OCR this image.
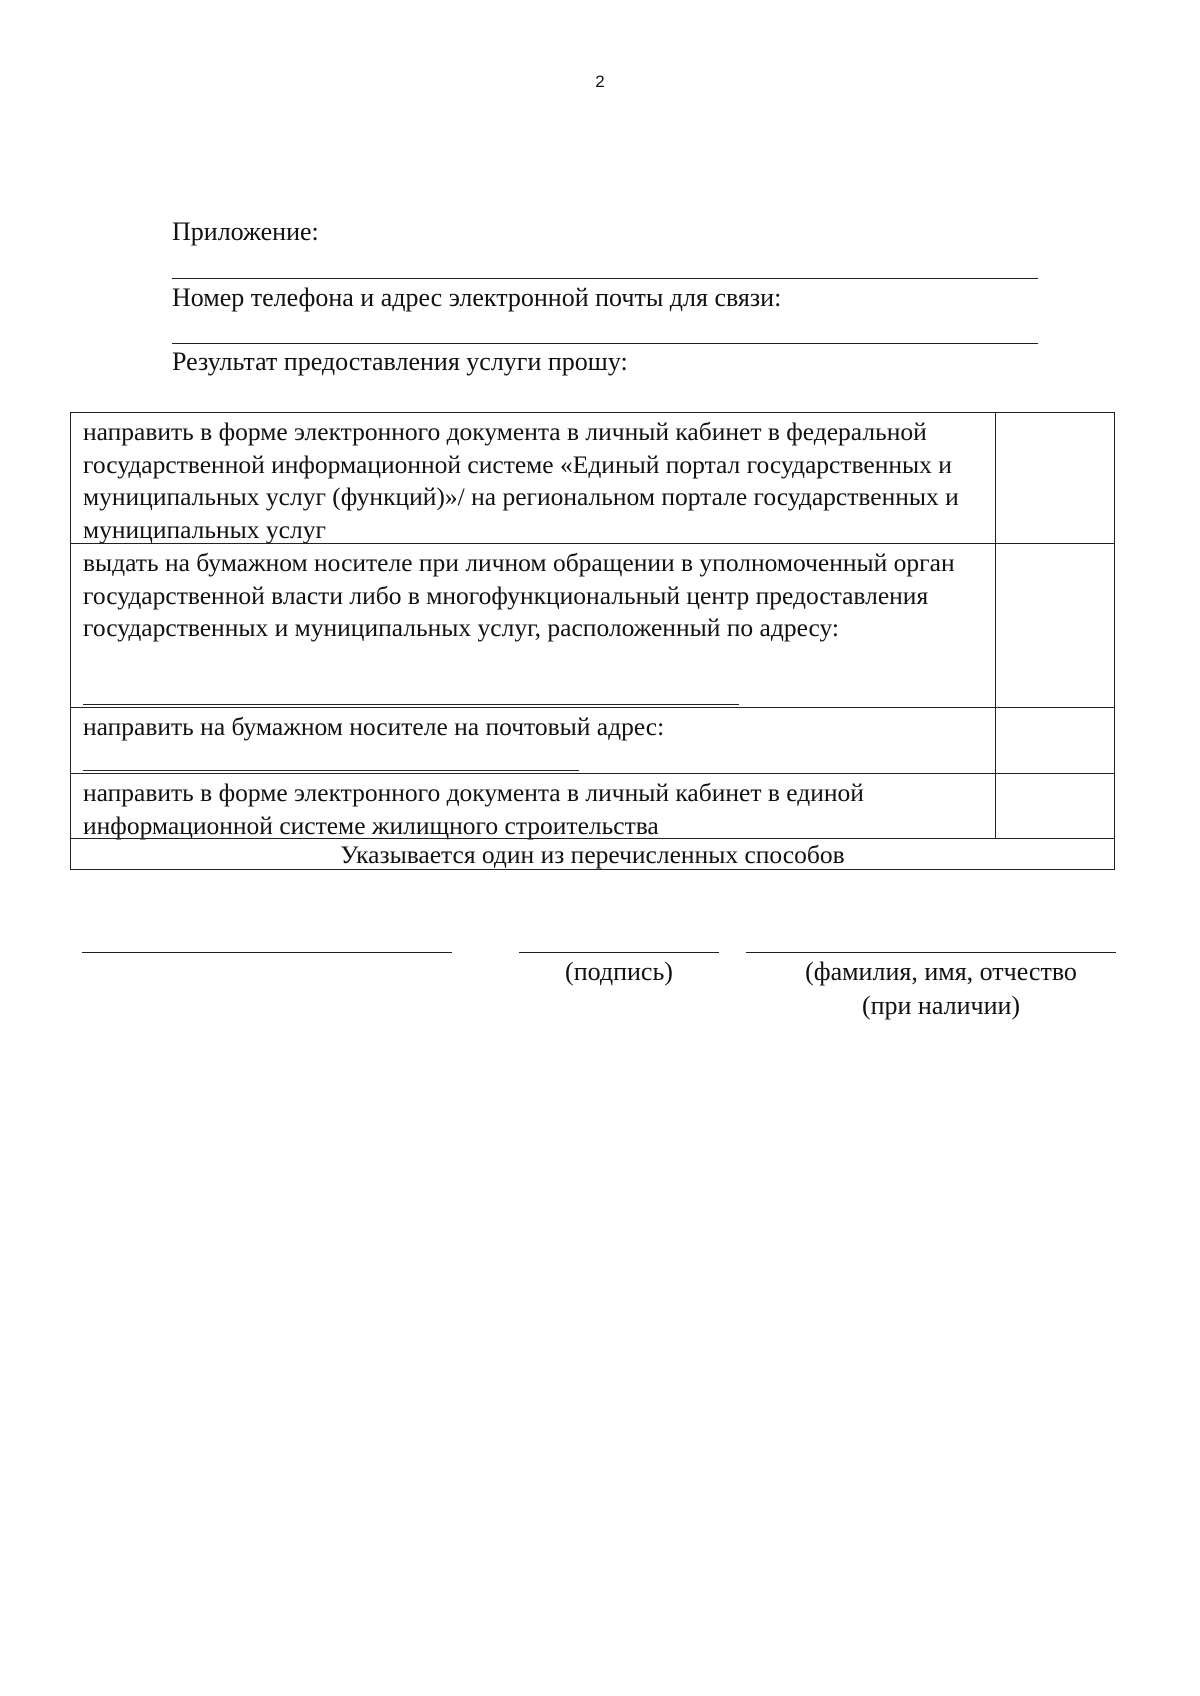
2
Приложение:
Номер телефона и адрес электронной почты для связи:
Результат предоставления услуги прошу:
направить в форме электронного документа в личный кабинет в федеральной государственной информационной системе «Единый портал государственных и муниципальных услуг (функций)»/ на региональном портале государственных и муниципальных услуг
выдать на бумажном носителе при личном обращении в уполномоченный орган государственной власти либо в многофункциональный центр предоставления государственных и муниципальных услуг, расположенный по адресу:
направить на бумажном носителе на почтовый адрес:
направить в форме электронного документа в личный кабинет в единой информационной системе жилищного строительства
Указывается один из перечисленных способов
(подпись)	(фамилия, имя, отчество
(при наличии)
